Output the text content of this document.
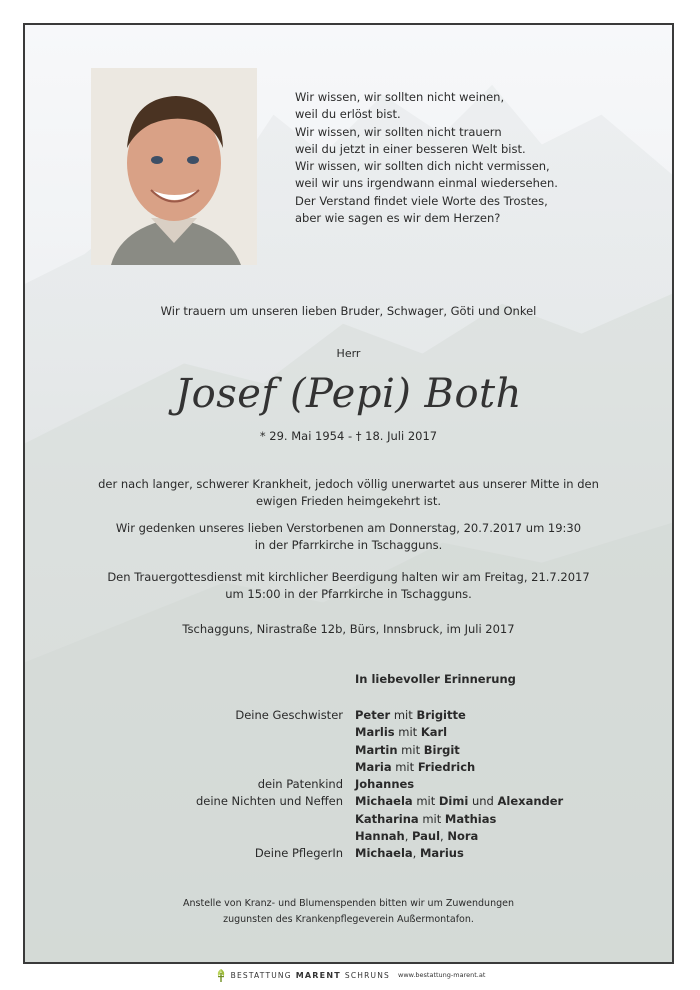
Wir wissen, wir sollten nicht weinen,
weil du erlöst bist.
Wir wissen, wir sollten nicht trauern
weil du jetzt in einer besseren Welt bist.
Wir wissen, wir sollten dich nicht vermissen,
weil wir uns irgendwann einmal wiedersehen.
Der Verstand findet viele Worte des Trostes,
aber wie sagen es wir dem Herzen?
Wir trauern um unseren lieben Bruder, Schwager, Göti und Onkel
Herr
Josef (Pepi) Both
* 29. Mai 1954 - † 18. Juli 2017
der nach langer, schwerer Krankheit, jedoch völlig unerwartet aus unserer Mitte in den
ewigen Frieden heimgekehrt ist.
Wir gedenken unseres lieben Verstorbenen am Donnerstag, 20.7.2017 um 19:30
in der Pfarrkirche in Tschagguns.
Den Trauergottesdienst mit kirchlicher Beerdigung halten wir am Freitag, 21.7.2017
um 15:00 in der Pfarrkirche in Tschagguns.
Tschagguns, Nirastraße 12b, Bürs, Innsbruck, im Juli 2017
In liebevoller Erinnerung
Deine Geschwister Peter mit Brigitte
Marlis mit Karl
Martin mit Birgit
Maria mit Friedrich
dein Patenkind Johannes
deine Nichten und Neffen Michaela mit Dimi und Alexander
Katharina mit Mathias
Hannah, Paul, Nora
Deine PflegerIn Michaela, Marius
Anstelle von Kranz- und Blumenspenden bitten wir um Zuwendungen
zugunsten des Krankenpflegeverein Außermontafon.
BESTATTUNG MARENT SCHRUNS www.bestattung-marent.at
